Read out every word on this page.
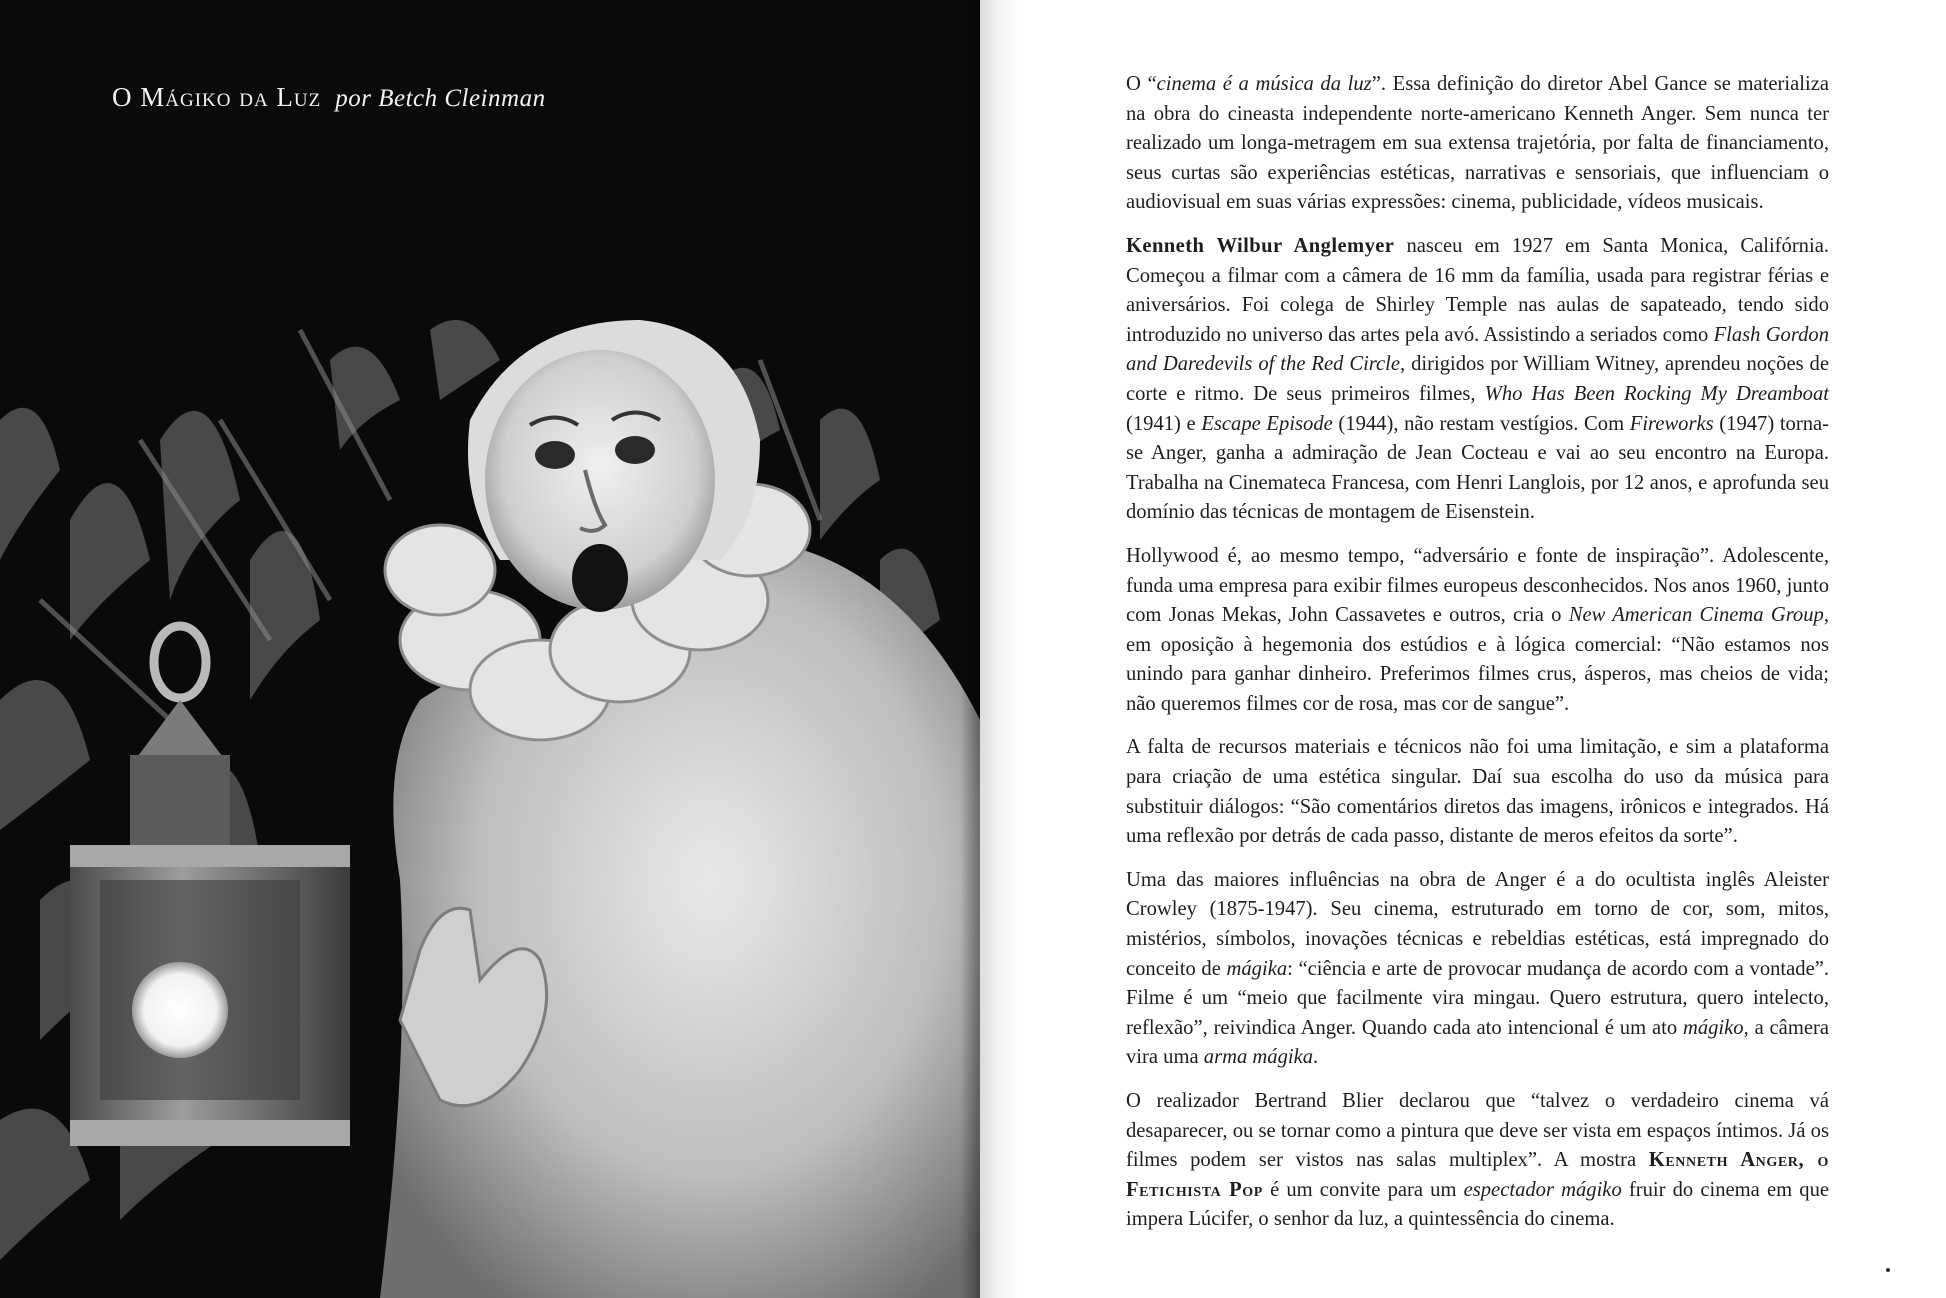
O Mágiko da Luz por Betch Cleinman

O “cinema é a música da luz”. Essa definição do diretor Abel Gance se materializa na obra do cineasta independente norte-americano Kenneth Anger. Sem nunca ter realizado um longa-metragem em sua extensa trajetória, por falta de financiamento, seus curtas são experiências estéticas, narrativas e sensoriais, que influenciam o audiovisual em suas várias expressões: cinema, publicidade, vídeos musicais.

Kenneth Wilbur Anglemyer nasceu em 1927 em Santa Monica, Califórnia. Começou a filmar com a câmera de 16 mm da família, usada para registrar férias e aniversários. Foi colega de Shirley Temple nas aulas de sapateado, tendo sido introduzido no universo das artes pela avó. Assistindo a seriados como Flash Gordon and Daredevils of the Red Circle, dirigidos por William Witney, aprendeu noções de corte e ritmo. De seus primeiros filmes, Who Has Been Rocking My Dreamboat (1941) e Escape Episode (1944), não restam vestígios. Com Fireworks (1947) torna-se Anger, ganha a admiração de Jean Cocteau e vai ao seu encontro na Europa. Trabalha na Cinemateca Francesa, com Henri Langlois, por 12 anos, e aprofunda seu domínio das técnicas de montagem de Eisenstein.

Hollywood é, ao mesmo tempo, “adversário e fonte de inspiração”. Adolescente, funda uma empresa para exibir filmes europeus desconhecidos. Nos anos 1960, junto com Jonas Mekas, John Cassavetes e outros, cria o New American Cinema Group, em oposição à hegemonia dos estúdios e à lógica comercial: “Não estamos nos unindo para ganhar dinheiro. Preferimos filmes crus, ásperos, mas cheios de vida; não queremos filmes cor de rosa, mas cor de sangue”.

A falta de recursos materiais e técnicos não foi uma limitação, e sim a plataforma para criação de uma estética singular. Daí sua escolha do uso da música para substituir diálogos: “São comentários diretos das imagens, irônicos e integrados. Há uma reflexão por detrás de cada passo, distante de meros efeitos da sorte”.

Uma das maiores influências na obra de Anger é a do ocultista inglês Aleister Crowley (1875-1947). Seu cinema, estruturado em torno de cor, som, mitos, mistérios, símbolos, inovações técnicas e rebeldias estéticas, está impregnado do conceito de mágika: “ciência e arte de provocar mudança de acordo com a vontade”. Filme é um “meio que facilmente vira mingau. Quero estrutura, quero intelecto, reflexão”, reivindica Anger. Quando cada ato intencional é um ato mágiko, a câmera vira uma arma mágika.

O realizador Bertrand Blier declarou que “talvez o verdadeiro cinema vá desaparecer, ou se tornar como a pintura que deve ser vista em espaços íntimos. Já os filmes podem ser vistos nas salas multiplex”. A mostra Kenneth Anger, o Fetichista Pop é um convite para um espectador mágiko fruir do cinema em que impera Lúcifer, o senhor da luz, a quintessência do cinema.
